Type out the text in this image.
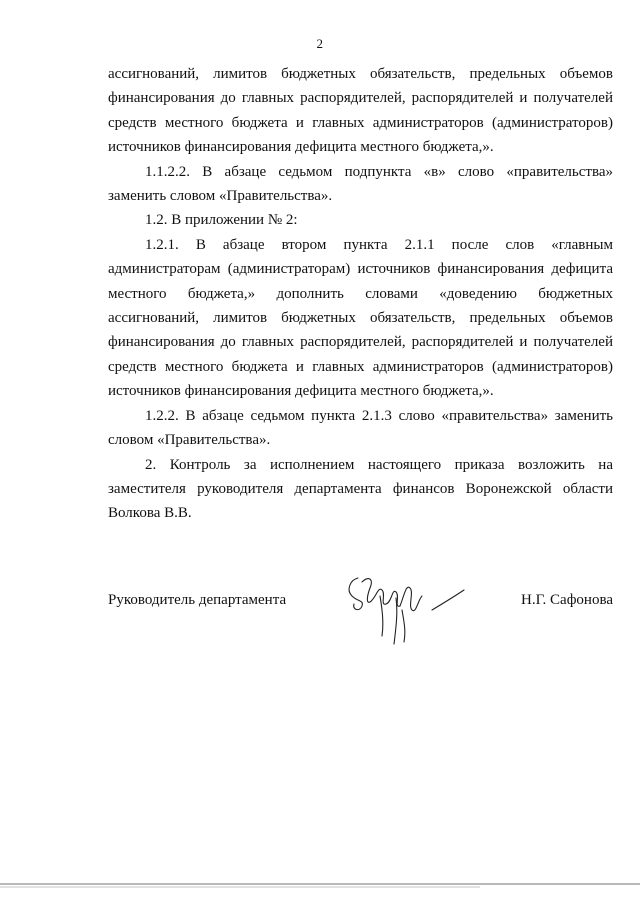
2

ассигнований, лимитов бюджетных обязательств, предельных объемов финансирования до главных распорядителей, распорядителей и получателей средств местного бюджета и главных администраторов (администраторов) источников финансирования дефицита местного бюджета,».

1.1.2.2. В абзаце седьмом подпункта «в» слово «правительства» заменить словом «Правительства».

1.2. В приложении № 2:

1.2.1. В абзаце втором пункта 2.1.1 после слов «главным администраторам (администраторам) источников финансирования дефицита местного бюджета,» дополнить словами «доведению бюджетных ассигнований, лимитов бюджетных обязательств, предельных объемов финансирования до главных распорядителей, распорядителей и получателей средств местного бюджета и главных администраторов (администраторов) источников финансирования дефицита местного бюджета,».

1.2.2. В абзаце седьмом пункта 2.1.3 слово «правительства» заменить словом «Правительства».

2. Контроль за исполнением настоящего приказа возложить на заместителя руководителя департамента финансов Воронежской области Волкова В.В.

Руководитель департамента	Н.Г. Сафонова
